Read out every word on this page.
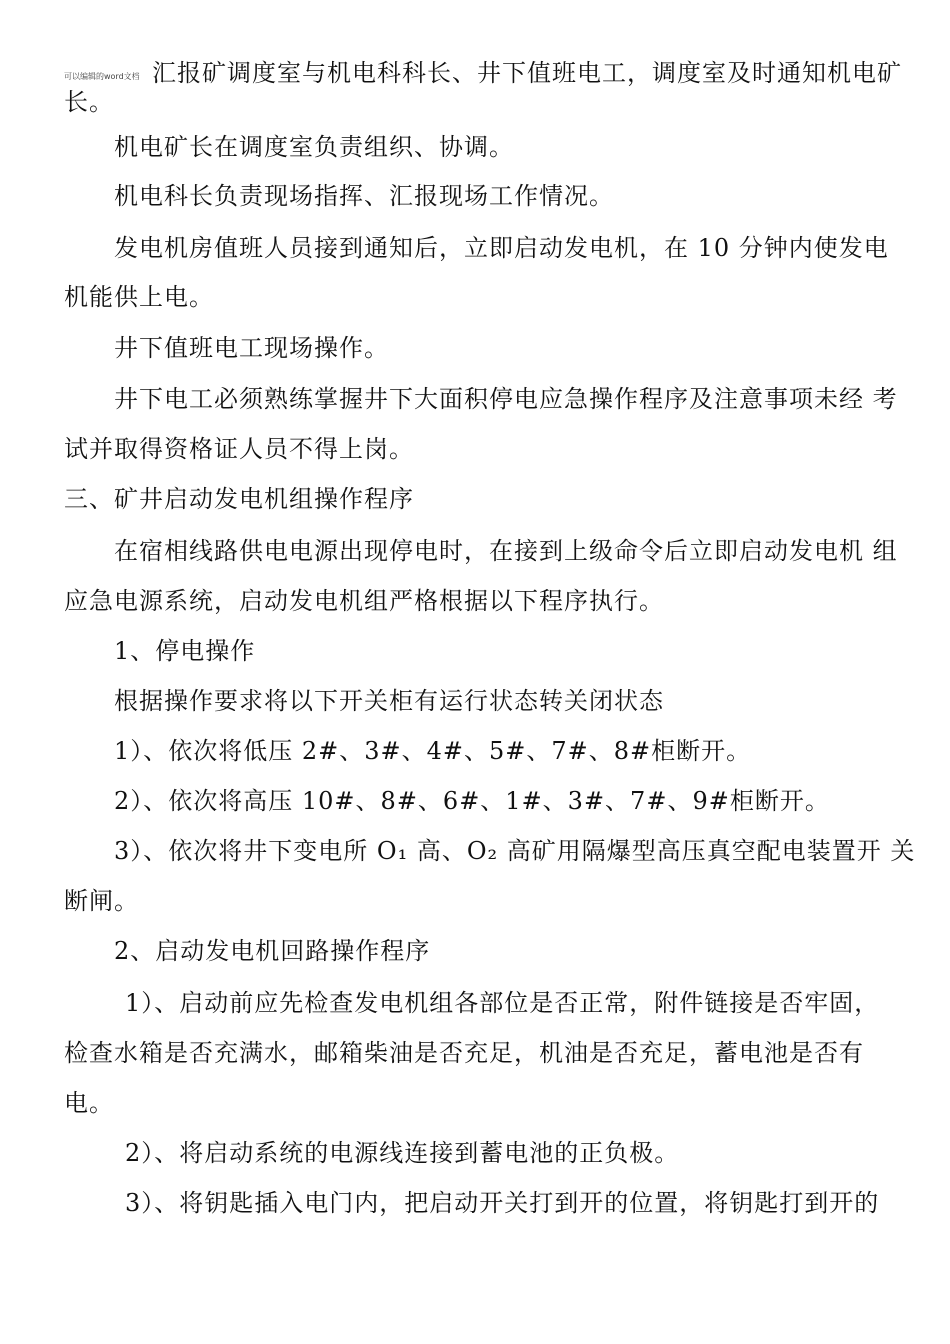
可以编辑的word文档 汇报矿调度室与机电科科长、井下值班电工，调度室及时通知机电矿
长。
机电矿长在调度室负责组织、协调。
机电科长负责现场指挥、汇报现场工作情况。
发电机房值班人员接到通知后，立即启动发电机，在 10 分钟内使发电
机能供上电。
井下值班电工现场操作。
井下电工必须熟练掌握井下大面积停电应急操作程序及注意事项未经 考
试并取得资格证人员不得上岗。
三、矿井启动发电机组操作程序
在宿相线路供电电源出现停电时，在接到上级命令后立即启动发电机 组
应急电源系统，启动发电机组严格根据以下程序执行。
1、停电操作
根据操作要求将以下开关柜有运行状态转关闭状态
1）、依次将低压 2#、3#、4#、5#、7#、8#柜断开。
2）、依次将高压 10#、8#、6#、1#、3#、7#、9#柜断开。
3）、依次将井下变电所 O₁ 高、O₂ 高矿用隔爆型高压真空配电装置开 关
断闸。
2、启动发电机回路操作程序
1）、启动前应先检查发电机组各部位是否正常，附件链接是否牢固，
检查水箱是否充满水，邮箱柴油是否充足，机油是否充足，蓄电池是否有
电。
2）、将启动系统的电源线连接到蓄电池的正负极。
3）、将钥匙插入电门内，把启动开关打到开的位置，将钥匙打到开的
